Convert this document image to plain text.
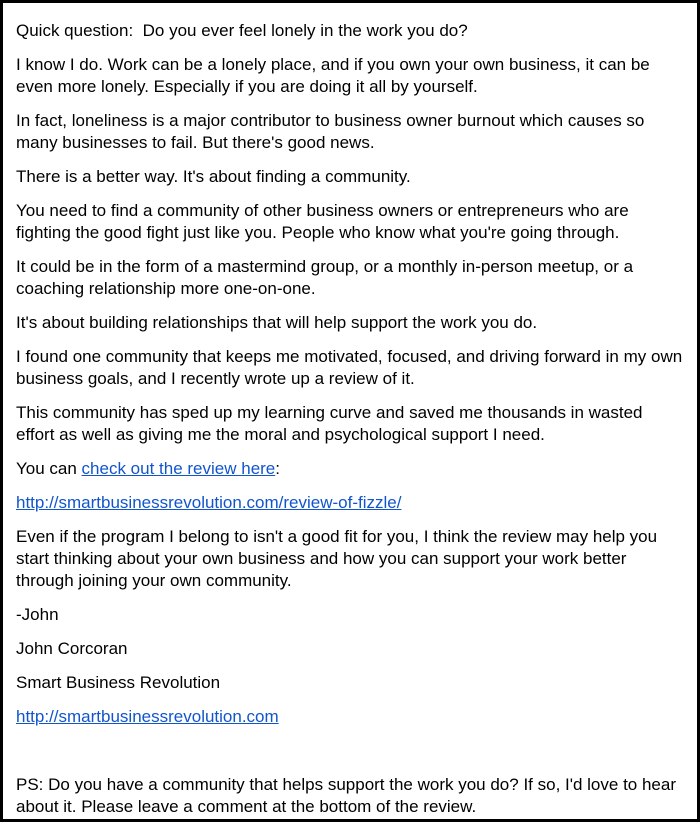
Quick question:  Do you ever feel lonely in the work you do?

I know I do. Work can be a lonely place, and if you own your own business, it can be even more lonely. Especially if you are doing it all by yourself.

In fact, loneliness is a major contributor to business owner burnout which causes so many businesses to fail. But there's good news.

There is a better way. It's about finding a community.

You need to find a community of other business owners or entrepreneurs who are fighting the good fight just like you. People who know what you're going through.

It could be in the form of a mastermind group, or a monthly in-person meetup, or a coaching relationship more one-on-one.

It's about building relationships that will help support the work you do.

I found one community that keeps me motivated, focused, and driving forward in my own business goals, and I recently wrote up a review of it.

This community has sped up my learning curve and saved me thousands in wasted effort as well as giving me the moral and psychological support I need.

You can check out the review here:

http://smartbusinessrevolution.com/review-of-fizzle/

Even if the program I belong to isn't a good fit for you, I think the review may help you start thinking about your own business and how you can support your work better through joining your own community.

-John

John Corcoran

Smart Business Revolution

http://smartbusinessrevolution.com

PS: Do you have a community that helps support the work you do? If so, I'd love to hear about it. Please leave a comment at the bottom of the review.
